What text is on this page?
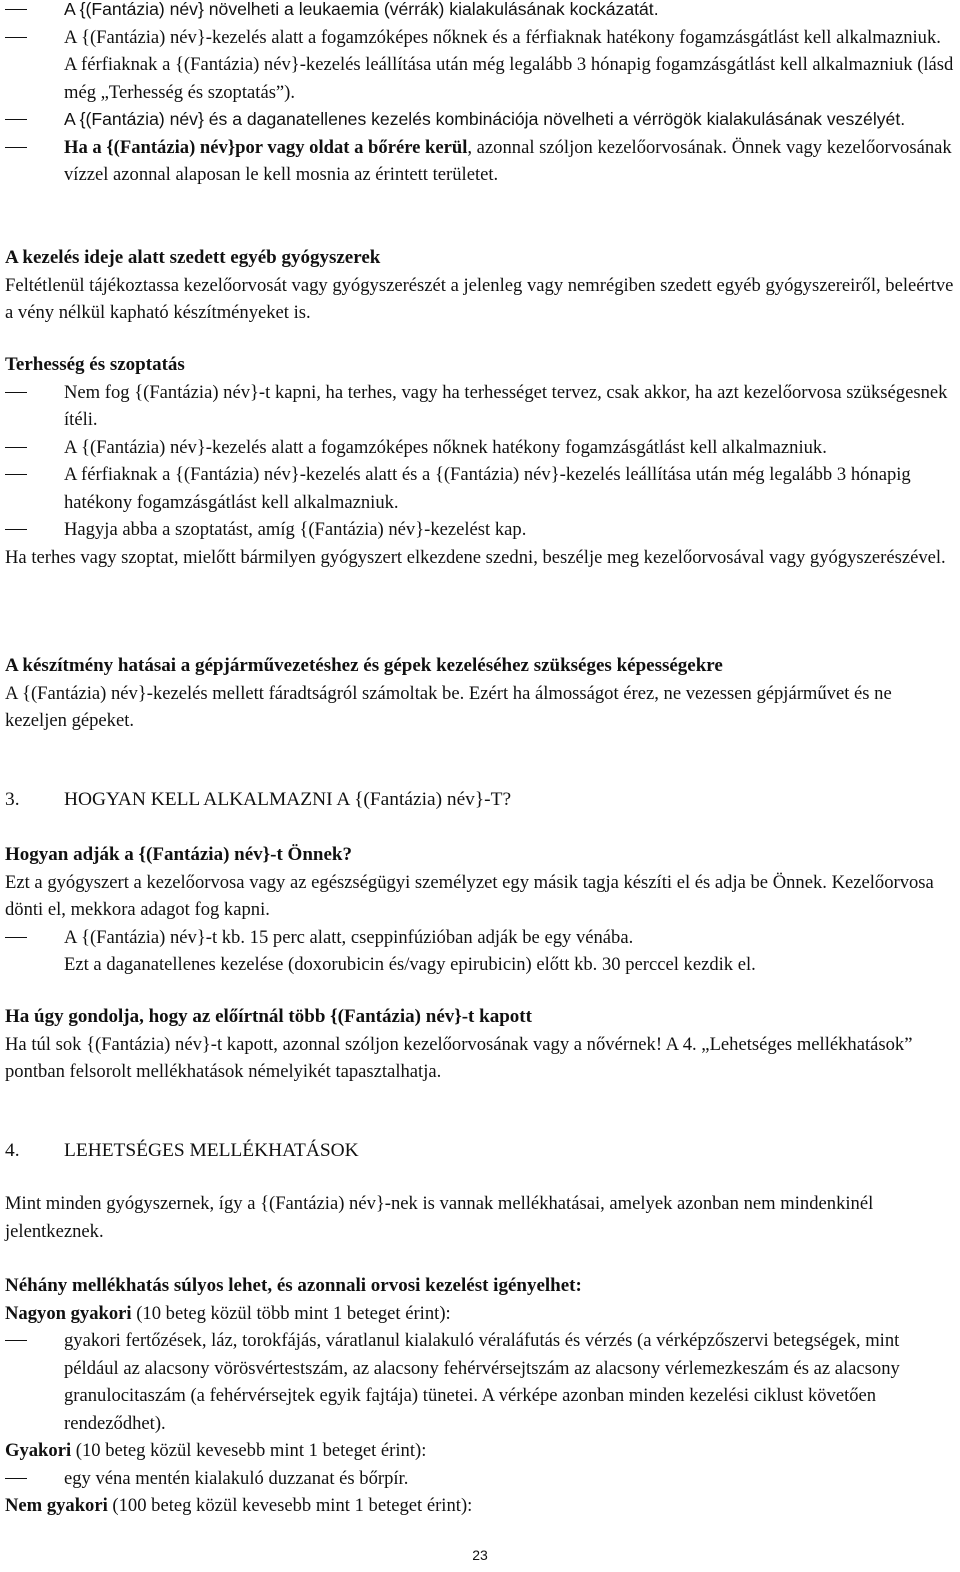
A {(Fantázia) név} növelheti a leukaemia (vérrák) kialakulásának kockázatát.

A {(Fantázia) név}-kezelés alatt a fogamzóképes nőknek és a férfiaknak hatékony fogamzásgátlást kell alkalmazniuk. A férfiaknak a {(Fantázia) név}-kezelés leállítása után még legalább 3 hónapig fogamzásgátlást kell alkalmazniuk (lásd még „Terhesség és szoptatás”).

A {(Fantázia) név} és a daganatellenes kezelés kombinációja növelheti a vérrögök kialakulásának veszélyét.

Ha a {(Fantázia) név}por vagy oldat a bőrére kerül, azonnal szóljon kezelőorvosának. Önnek vagy kezelőorvosának vízzel azonnal alaposan le kell mosnia az érintett területet.

A kezelés ideje alatt szedett egyéb gyógyszerek

Feltétlenül tájékoztassa kezelőorvosát vagy gyógyszerészét a jelenleg vagy nemrégiben szedett egyéb gyógyszereiről, beleértve a vény nélkül kapható készítményeket is.

Terhesség és szoptatás

Nem fog {(Fantázia) név}-t kapni, ha terhes, vagy ha terhességet tervez, csak akkor, ha azt kezelőorvosa szükségesnek ítéli.

A {(Fantázia) név}-kezelés alatt a fogamzóképes nőknek hatékony fogamzásgátlást kell alkalmazniuk.

A férfiaknak a {(Fantázia) név}-kezelés alatt és a {(Fantázia) név}-kezelés leállítása után még legalább 3 hónapig hatékony fogamzásgátlást kell alkalmazniuk.

Hagyja abba a szoptatást, amíg {(Fantázia) név}-kezelést kap.

Ha terhes vagy szoptat, mielőtt bármilyen gyógyszert elkezdene szedni, beszélje meg kezelőorvosával vagy gyógyszerészével.

A készítmény hatásai a gépjárművezetéshez és gépek kezeléséhez szükséges képességekre

A {(Fantázia) név}-kezelés mellett fáradtságról számoltak be. Ezért ha álmosságot érez, ne vezessen gépjárművet és ne kezeljen gépeket.

3.	HOGYAN KELL ALKALMAZNI A {(Fantázia) név}-T?

Hogyan adják a {(Fantázia) név}-t Önnek?

Ezt a gyógyszert a kezelőorvosa vagy az egészségügyi személyzet egy másik tagja készíti el és adja be Önnek. Kezelőorvosa dönti el, mekkora adagot fog kapni.

A {(Fantázia) név}-t kb. 15 perc alatt, cseppinfúzióban adják be egy vénába.

Ezt a daganatellenes kezelése (doxorubicin és/vagy epirubicin) előtt kb. 30 perccel kezdik el.

Ha úgy gondolja, hogy az előírtnál több {(Fantázia) név}-t kapott

Ha túl sok {(Fantázia) név}-t kapott, azonnal szóljon kezelőorvosának vagy a nővérnek! A 4. „Lehetséges mellékhatások” pontban felsorolt mellékhatások némelyikét tapasztalhatja.

4.	LEHETSÉGES MELLÉKHATÁSOK

Mint minden gyógyszernek, így a {(Fantázia) név}-nek is vannak mellékhatásai, amelyek azonban nem mindenkinél jelentkeznek.

Néhány mellékhatás súlyos lehet, és azonnali orvosi kezelést igényelhet:

Nagyon gyakori (10 beteg közül több mint 1 beteget érint):

gyakori fertőzések, láz, torokfájás, váratlanul kialakuló véraláfutás és vérzés (a vérképzőszervi betegségek, mint például az alacsony vörösvértestszám, az alacsony fehérvérsejtszám az alacsony vérlemezkeszám és az alacsony granulocitaszám (a fehérvérsejtek egyik fajtája) tünetei. A vérképe azonban minden kezelési ciklust követően rendeződhet).

Gyakori (10 beteg közül kevesebb mint 1 beteget érint):

egy véna mentén kialakuló duzzanat és bőrpír.

Nem gyakori (100 beteg közül kevesebb mint 1 beteget érint):

23
